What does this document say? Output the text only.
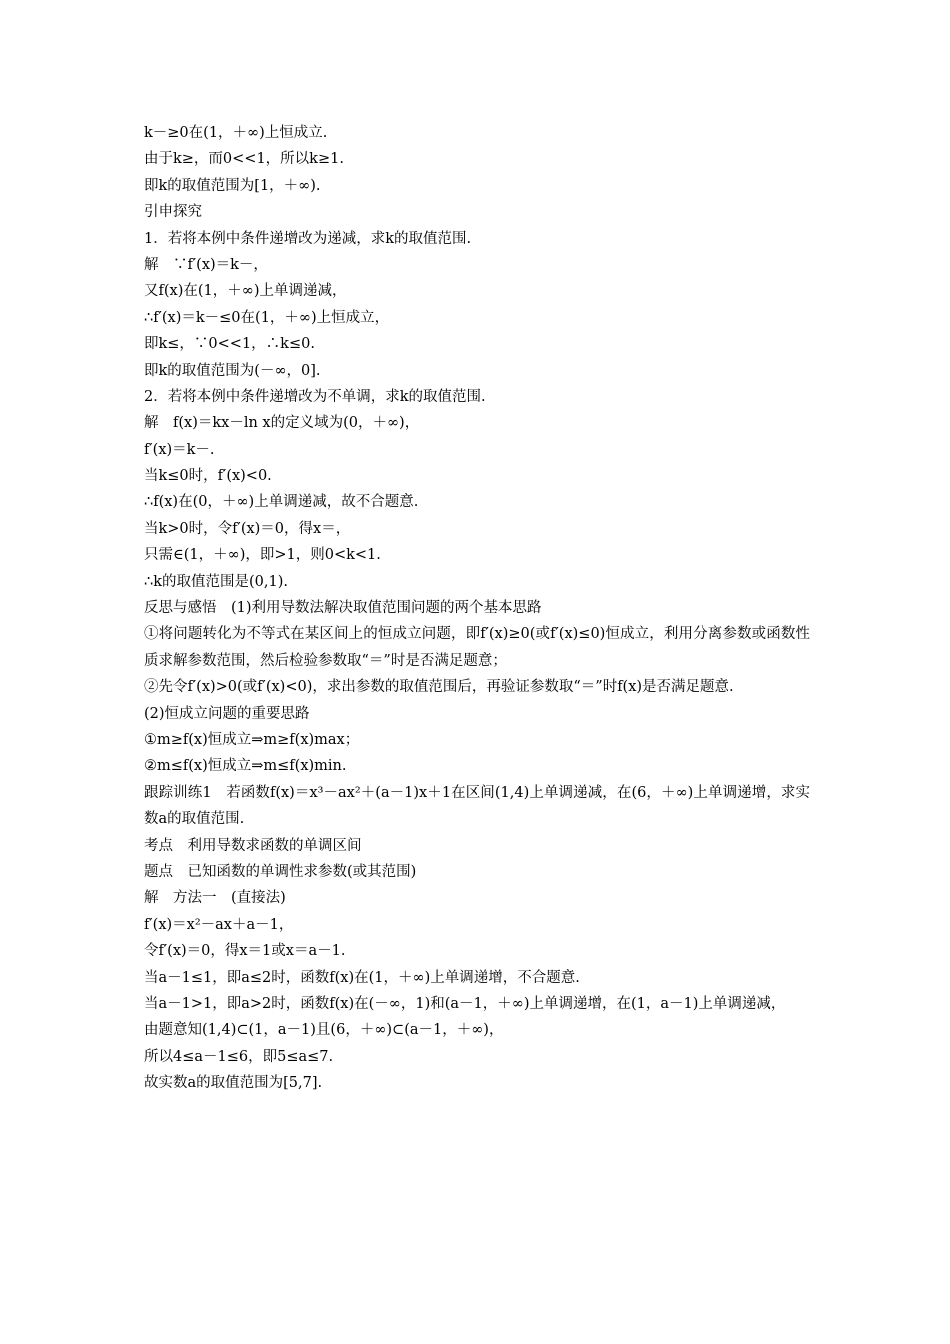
k－≥0在(1，＋∞)上恒成立.
由于k≥，而0<<1，所以k≥1.
即k的取值范围为[1，＋∞).
引申探究
1．若将本例中条件递增改为递减，求k的取值范围.
解　∵f′(x)＝k－，
又f(x)在(1，＋∞)上单调递减，
∴f′(x)＝k－≤0在(1，＋∞)上恒成立，
即k≤，∵0<<1，∴k≤0.
即k的取值范围为(－∞，0].
2．若将本例中条件递增改为不单调，求k的取值范围.
解　f(x)＝kx－ln x的定义域为(0，＋∞)，
f′(x)＝k－.
当k≤0时，f′(x)<0.
∴f(x)在(0，＋∞)上单调递减，故不合题意.
当k>0时，令f′(x)＝0，得x＝，
只需∈(1，＋∞)，即>1，则0<k<1.
∴k的取值范围是(0,1).
反思与感悟　(1)利用导数法解决取值范围问题的两个基本思路
①将问题转化为不等式在某区间上的恒成立问题，即f′(x)≥0(或f′(x)≤0)恒成立，利用分离参数或函数性质求解参数范围，然后检验参数取“＝”时是否满足题意；
②先令f′(x)>0(或f′(x)<0)，求出参数的取值范围后，再验证参数取“＝”时f(x)是否满足题意.
(2)恒成立问题的重要思路
①m≥f(x)恒成立⇒m≥f(x)max；
②m≤f(x)恒成立⇒m≤f(x)min.
跟踪训练1　若函数f(x)＝x³－ax²＋(a－1)x＋1在区间(1,4)上单调递减，在(6，＋∞)上单调递增，求实数a的取值范围.
考点　利用导数求函数的单调区间
题点　已知函数的单调性求参数(或其范围)
解　方法一　(直接法)
f′(x)＝x²－ax＋a－1，
令f′(x)＝0，得x＝1或x＝a－1.
当a－1≤1，即a≤2时，函数f(x)在(1，＋∞)上单调递增，不合题意.
当a－1>1，即a>2时，函数f(x)在(－∞，1)和(a－1，＋∞)上单调递增，在(1，a－1)上单调递减，
由题意知(1,4)⊂(1，a－1)且(6，＋∞)⊂(a－1，＋∞)，
所以4≤a－1≤6，即5≤a≤7.
故实数a的取值范围为[5,7].
